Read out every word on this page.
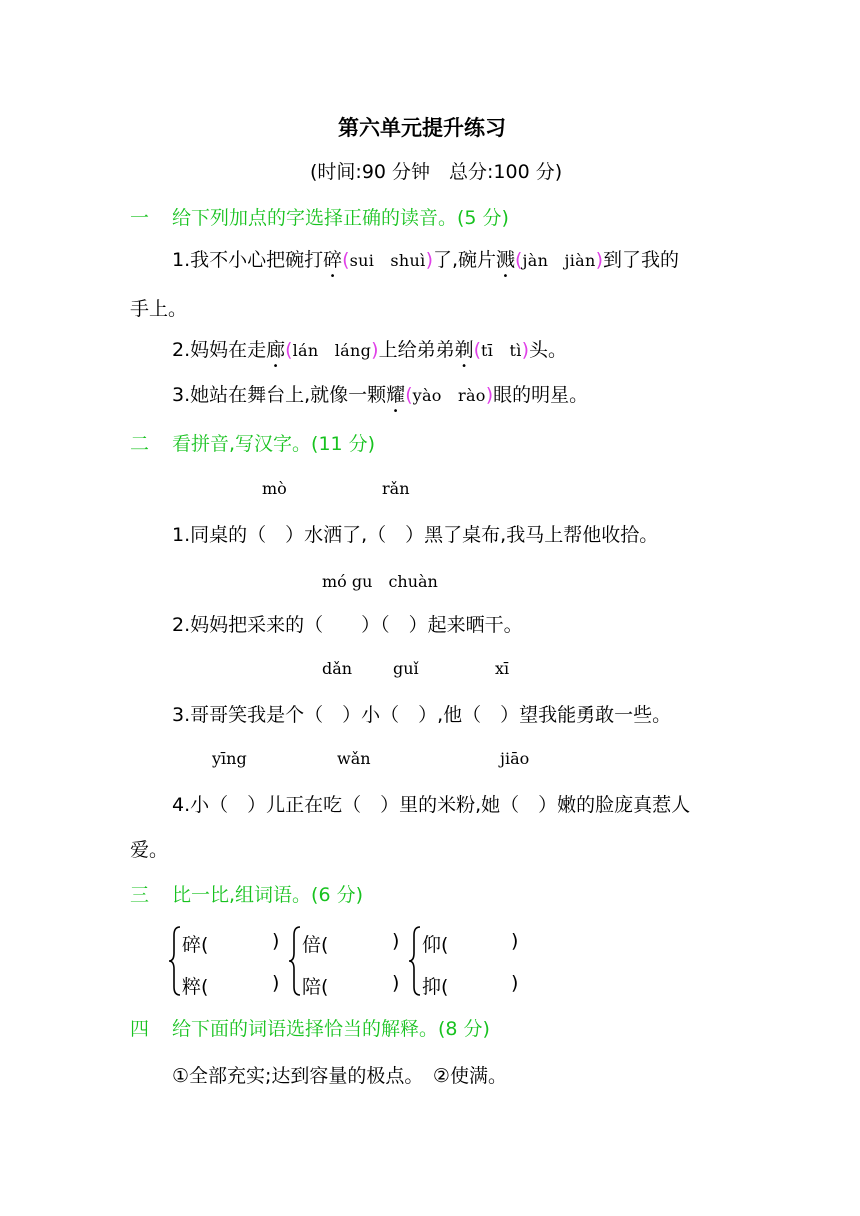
第六单元提升练习
(时间:90 分钟　总分:100 分)
一 给下列加点的字选择正确的读音。(5 分)
1.我不小心把碗打碎(sui　shuì)了,碗片溅(jàn　jiàn)到了我的
手上。
2.妈妈在走廊(lán　láng)上给弟弟剃(tī　tì)头。
3.她站在舞台上,就像一颗耀(yào　rào)眼的明星。
二 看拼音,写汉字。(11 分)
mò	rǎn
1.同桌的（　）水洒了,（　）黑了桌布,我马上帮他收拾。
mó gu　chuàn
2.妈妈把采来的（　　）（　）起来晒干。
dǎn	guǐ	xī
3.哥哥笑我是个（　）小（　）,他（　）望我能勇敢一些。
yīng	wǎn	jiāo
4.小（　）儿正在吃（　）里的米粉,她（　）嫩的脸庞真惹人
爱。
三 比一比,组词语。(6 分)
碎(	)
粹(	)
倍(	)
陪(	)
仰(	)
抑(	)
四 给下面的词语选择恰当的解释。(8 分)
①全部充实;达到容量的极点。　②使满。
